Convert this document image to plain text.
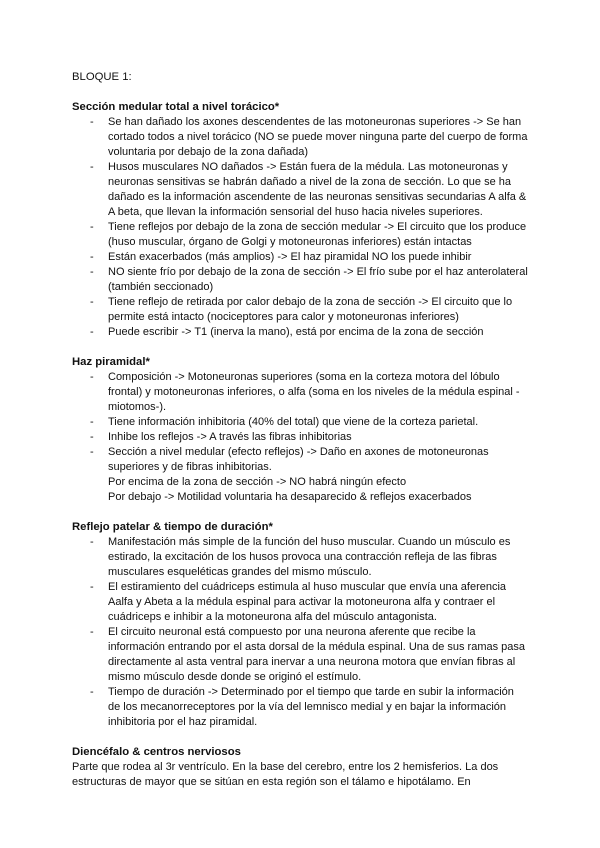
BLOQUE 1:

Sección medular total a nivel torácico*

- Se han dañado los axones descendentes de las motoneuronas superiores -> Se han cortado todos a nivel torácico (NO se puede mover ninguna parte del cuerpo de forma voluntaria por debajo de la zona dañada)
- Husos musculares NO dañados -> Están fuera de la médula. Las motoneuronas y neuronas sensitivas se habrán dañado a nivel de la zona de sección. Lo que se ha dañado es la información ascendente de las neuronas sensitivas secundarias A alfa & A beta, que llevan la información sensorial del huso hacia niveles superiores.
- Tiene reflejos por debajo de la zona de sección medular -> El circuito que los produce (huso muscular, órgano de Golgi y motoneuronas inferiores) están intactas
- Están exacerbados (más amplios) -> El haz piramidal NO los puede inhibir
- NO siente frío por debajo de la zona de sección -> El frío sube por el haz anterolateral (también seccionado)
- Tiene reflejo de retirada por calor debajo de la zona de sección -> El circuito que lo permite está intacto (nociceptores para calor y motoneuronas inferiores)
- Puede escribir -> T1 (inerva la mano), está por encima de la zona de sección

Haz piramidal*

- Composición -> Motoneuronas superiores (soma en la corteza motora del lóbulo frontal) y motoneuronas inferiores, o alfa (soma en los niveles de la médula espinal -miotomos-).
- Tiene información inhibitoria (40% del total) que viene de la corteza parietal.
- Inhibe los reflejos -> A través las fibras inhibitorias
- Sección a nivel medular (efecto reflejos) -> Daño en axones de motoneuronas superiores y de fibras inhibitorias.
Por encima de la zona de sección -> NO habrá ningún efecto
Por debajo -> Motilidad voluntaria ha desaparecido & reflejos exacerbados

Reflejo patelar & tiempo de duración*

- Manifestación más simple de la función del huso muscular. Cuando un músculo es estirado, la excitación de los husos provoca una contracción refleja de las fibras musculares esqueléticas grandes del mismo músculo.
- El estiramiento del cuádriceps estimula al huso muscular que envía una aferencia Aalfa y Abeta a la médula espinal para activar la motoneurona alfa y contraer el cuádriceps e inhibir a la motoneurona alfa del músculo antagonista.
- El circuito neuronal está compuesto por una neurona aferente que recibe la información entrando por el asta dorsal de la médula espinal. Una de sus ramas pasa directamente al asta ventral para inervar a una neurona motora que envían fibras al mismo músculo desde donde se originó el estímulo.
- Tiempo de duración -> Determinado por el tiempo que tarde en subir la información de los mecanorreceptores por la vía del lemnisco medial y en bajar la información inhibitoria por el haz piramidal.

Diencéfalo & centros nerviosos

Parte que rodea al 3r ventrículo. En la base del cerebro, entre los 2 hemisferios. La dos estructuras de mayor que se sitúan en esta región son el tálamo e hipotálamo. En
